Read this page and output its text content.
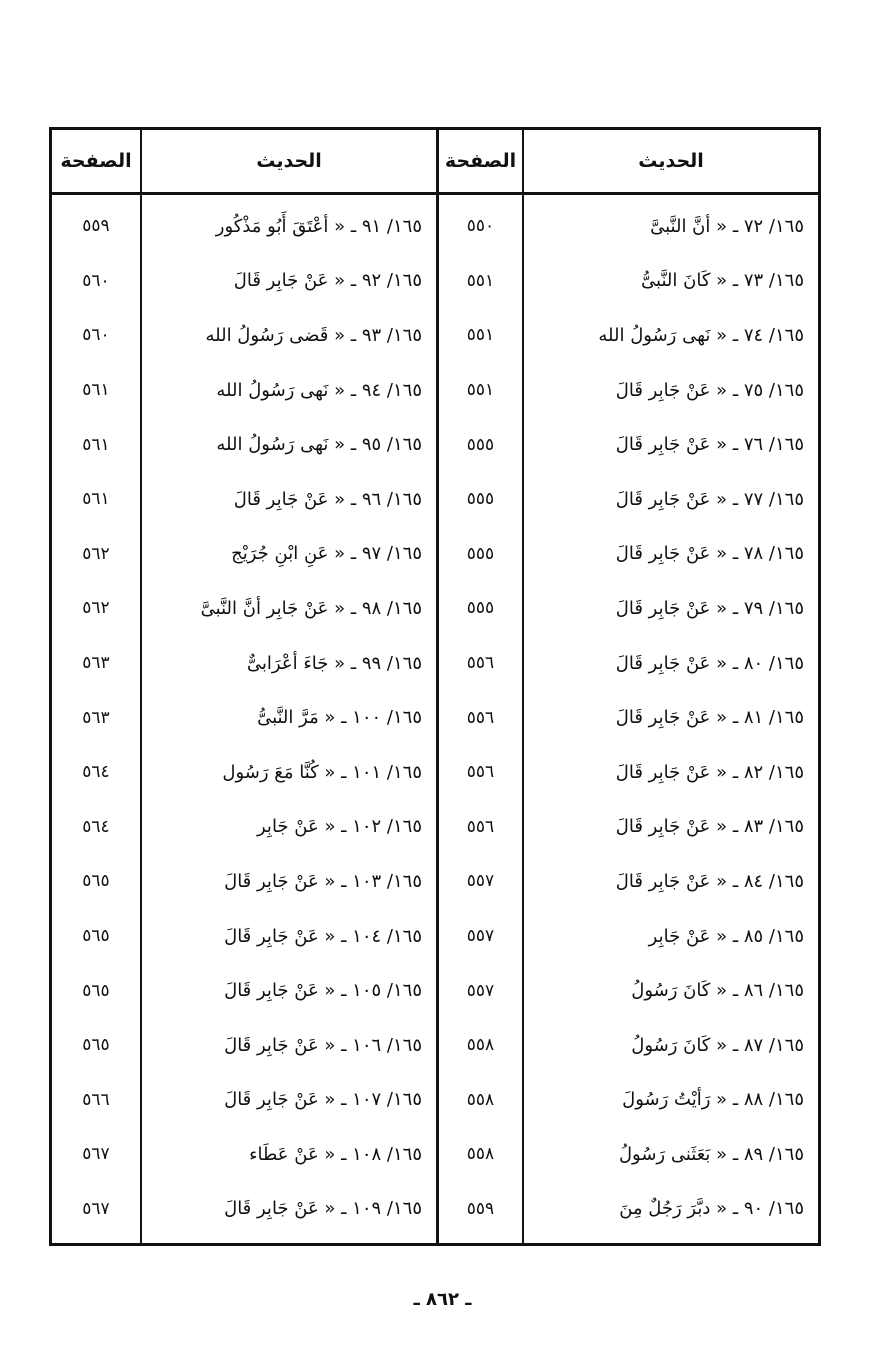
الحديث
الصفحة
الحديث
الصفحة
١٦٥/ ٧٢ ـ « أنَّ النَّبىَّ
١٦٥/ ٧٣ ـ « كَانَ النَّبىُّ
١٦٥/ ٧٤ ـ « نَهى رَسُولُ الله
١٦٥/ ٧٥ ـ « عَنْ جَابِر قَالَ
١٦٥/ ٧٦ ـ « عَنْ جَابِر قَالَ
١٦٥/ ٧٧ ـ « عَنْ جَابِر قَالَ
١٦٥/ ٧٨ ـ « عَنْ جَابِر قَالَ
١٦٥/ ٧٩ ـ « عَنْ جَابِر قَالَ
١٦٥/ ٨٠ ـ « عَنْ جَابِر قَالَ
١٦٥/ ٨١ ـ « عَنْ جَابِر قَالَ
١٦٥/ ٨٢ ـ « عَنْ جَابِر قَالَ
١٦٥/ ٨٣ ـ « عَنْ جَابِر قَالَ
١٦٥/ ٨٤ ـ « عَنْ جَابِر قَالَ
١٦٥/ ٨٥ ـ « عَنْ جَابِر
١٦٥/ ٨٦ ـ « كَانَ رَسُولُ
١٦٥/ ٨٧ ـ « كَانَ رَسُولُ
١٦٥/ ٨٨ ـ « رَأيْتُ رَسُولَ
١٦٥/ ٨٩ ـ « بَعَثَنى رَسُولُ
١٦٥/ ٩٠ ـ « دبَّرَ رَجُلٌ مِنَ
٥٥٠
٥٥١
٥٥١
٥٥١
٥٥٥
٥٥٥
٥٥٥
٥٥٥
٥٥٦
٥٥٦
٥٥٦
٥٥٦
٥٥٧
٥٥٧
٥٥٧
٥٥٨
٥٥٨
٥٥٨
٥٥٩
١٦٥/ ٩١ ـ « أعْتَقَ أَبُو مَذْكُور
١٦٥/ ٩٢ ـ « عَنْ جَابِر قَالَ
١٦٥/ ٩٣ ـ « قَضى رَسُولُ الله
١٦٥/ ٩٤ ـ « نَهى رَسُولُ الله
١٦٥/ ٩٥ ـ « نَهى رَسُولُ الله
١٦٥/ ٩٦ ـ « عَنْ جَابِر قَالَ
١٦٥/ ٩٧ ـ « عَنِ ابْنِ جُرَيْج
١٦٥/ ٩٨ ـ « عَنْ جَابِر أنَّ النَّبىَّ
١٦٥/ ٩٩ ـ « جَاءَ أعْرَابىٌّ
١٦٥/ ١٠٠ ـ « مَرَّ النَّبىُّ
١٦٥/ ١٠١ ـ « كُنَّا مَعَ رَسُول
١٦٥/ ١٠٢ ـ « عَنْ جَابِر
١٦٥/ ١٠٣ ـ « عَنْ جَابِر قَالَ
١٦٥/ ١٠٤ ـ « عَنْ جَابِر قَالَ
١٦٥/ ١٠٥ ـ « عَنْ جَابِر قَالَ
١٦٥/ ١٠٦ ـ « عَنْ جَابِر قَالَ
١٦٥/ ١٠٧ ـ « عَنْ جَابِر قَالَ
١٦٥/ ١٠٨ ـ « عَنْ عَطَاء
١٦٥/ ١٠٩ ـ « عَنْ جَابِر قَالَ
٥٥٩
٥٦٠
٥٦٠
٥٦١
٥٦١
٥٦١
٥٦٢
٥٦٢
٥٦٣
٥٦٣
٥٦٤
٥٦٤
٥٦٥
٥٦٥
٥٦٥
٥٦٥
٥٦٦
٥٦٧
٥٦٧
ـ ٨٦٢ ـ
